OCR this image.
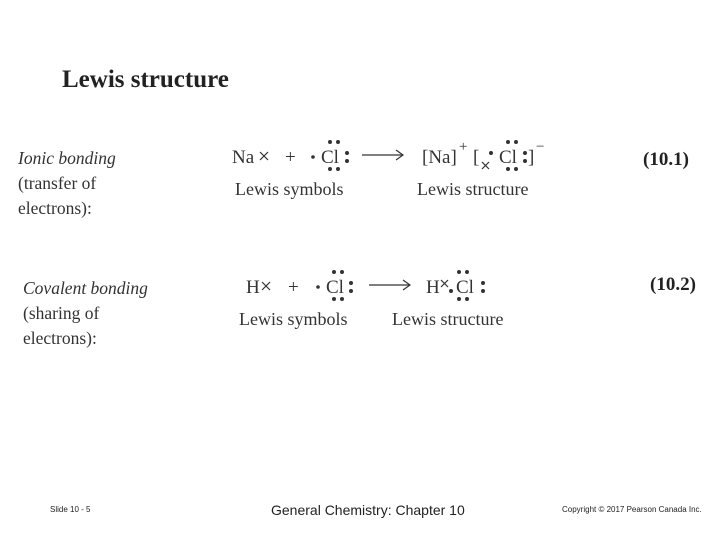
Lewis structure
Ionic bonding
(transfer of
electrons):
Na + Cl	[Na] + [ Cl ] −
Lewis symbols	Lewis structure
(10.1)
Covalent bonding
(sharing of
electrons):
H + Cl	H Cl
Lewis symbols Lewis structure
(10.2)
Slide 10 - 5	General Chemistry: Chapter 10	Copyright © 2017 Pearson Canada Inc.
